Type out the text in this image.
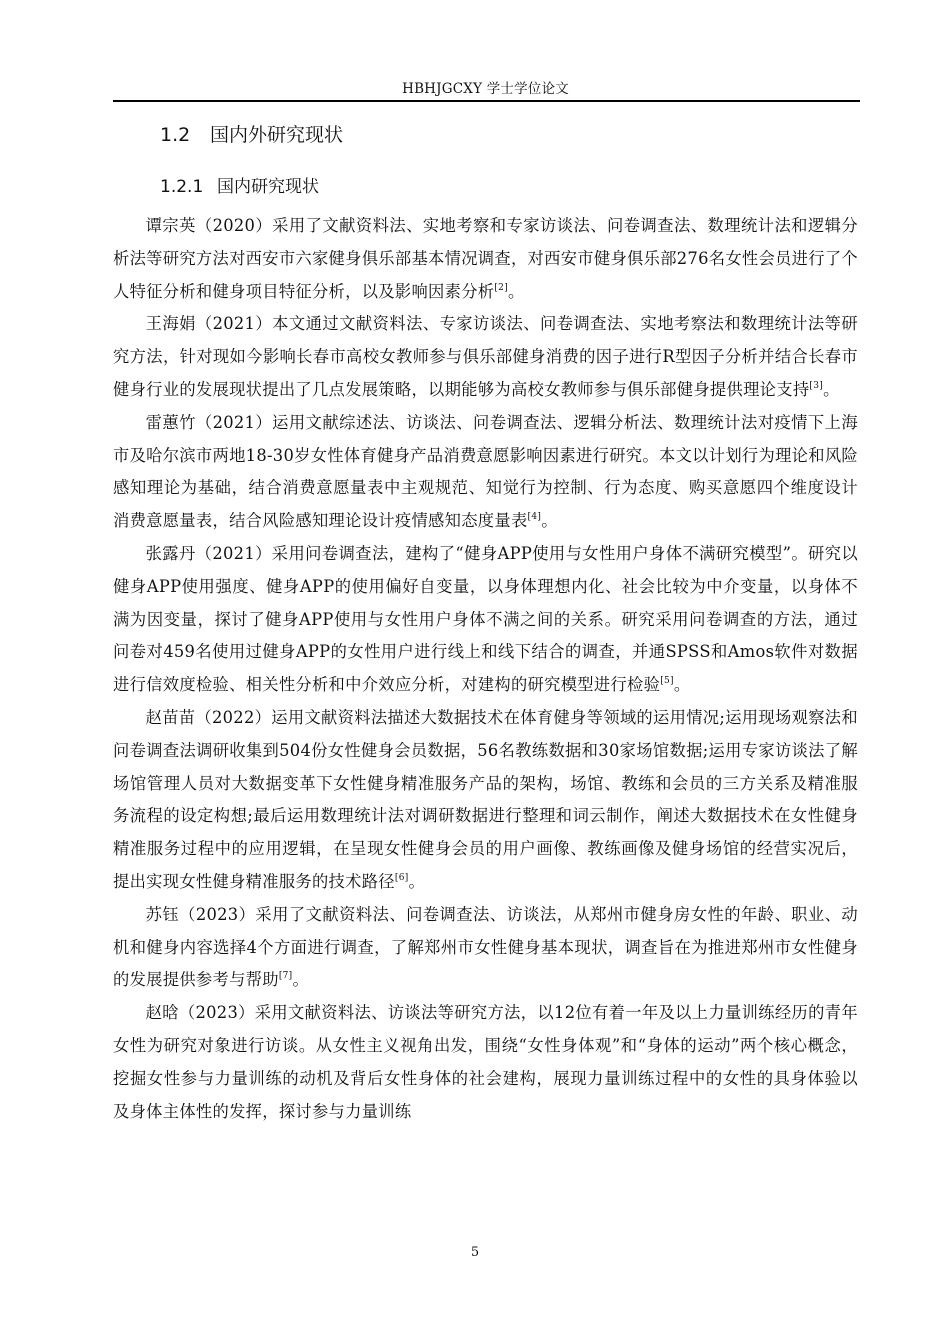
HBHJGCXY 学士学位论文
1.2 国内外研究现状
1.2.1 国内研究现状

谭宗英（2020）采用了文献资料法、实地考察和专家访谈法、问卷调查法、数理统计法和逻辑分析法等研究方法对西安市六家健身俱乐部基本情况调查，对西安市健身俱乐部276名女性会员进行了个人特征分析和健身项目特征分析，以及影响因素分析[2]。

王海娟（2021）本文通过文献资料法、专家访谈法、问卷调查法、实地考察法和数理统计法等研究方法，针对现如今影响长春市高校女教师参与俱乐部健身消费的因子进行R型因子分析并结合长春市健身行业的发展现状提出了几点发展策略，以期能够为高校女教师参与俱乐部健身提供理论支持[3]。

雷蕙竹（2021）运用文献综述法、访谈法、问卷调查法、逻辑分析法、数理统计法对疫情下上海市及哈尔滨市两地18-30岁女性体育健身产品消费意愿影响因素进行研究。本文以计划行为理论和风险感知理论为基础，结合消费意愿量表中主观规范、知觉行为控制、行为态度、购买意愿四个维度设计消费意愿量表，结合风险感知理论设计疫情感知态度量表[4]。

张露丹（2021）采用问卷调查法，建构了“健身APP使用与女性用户身体不满研究模型”。研究以健身APP使用强度、健身APP的使用偏好自变量，以身体理想内化、社会比较为中介变量，以身体不满为因变量，探讨了健身APP使用与女性用户身体不满之间的关系。研究采用问卷调查的方法，通过问卷对459名使用过健身APP的女性用户进行线上和线下结合的调查，并通SPSS和Amos软件对数据进行信效度检验、相关性分析和中介效应分析，对建构的研究模型进行检验[5]。

赵苗苗（2022）运用文献资料法描述大数据技术在体育健身等领域的运用情况;运用现场观察法和问卷调查法调研收集到504份女性健身会员数据，56名教练数据和30家场馆数据;运用专家访谈法了解场馆管理人员对大数据变革下女性健身精准服务产品的架构，场馆、教练和会员的三方关系及精准服务流程的设定构想;最后运用数理统计法对调研数据进行整理和词云制作，阐述大数据技术在女性健身精准服务过程中的应用逻辑，在呈现女性健身会员的用户画像、教练画像及健身场馆的经营实况后，提出实现女性健身精准服务的技术路径[6]。

苏钰（2023）采用了文献资料法、问卷调查法、访谈法，从郑州市健身房女性的年龄、职业、动机和健身内容选择4个方面进行调查，了解郑州市女性健身基本现状，调查旨在为推进郑州市女性健身的发展提供参考与帮助[7]。

赵晗（2023）采用文献资料法、访谈法等研究方法，以12位有着一年及以上力量训练经历的青年女性为研究对象进行访谈。从女性主义视角出发，围绕“女性身体观”和“身体的运动”两个核心概念，挖掘女性参与力量训练的动机及背后女性身体的社会建构，展现力量训练过程中的女性的具身体验以及身体主体性的发挥，探讨参与力量训练

5
